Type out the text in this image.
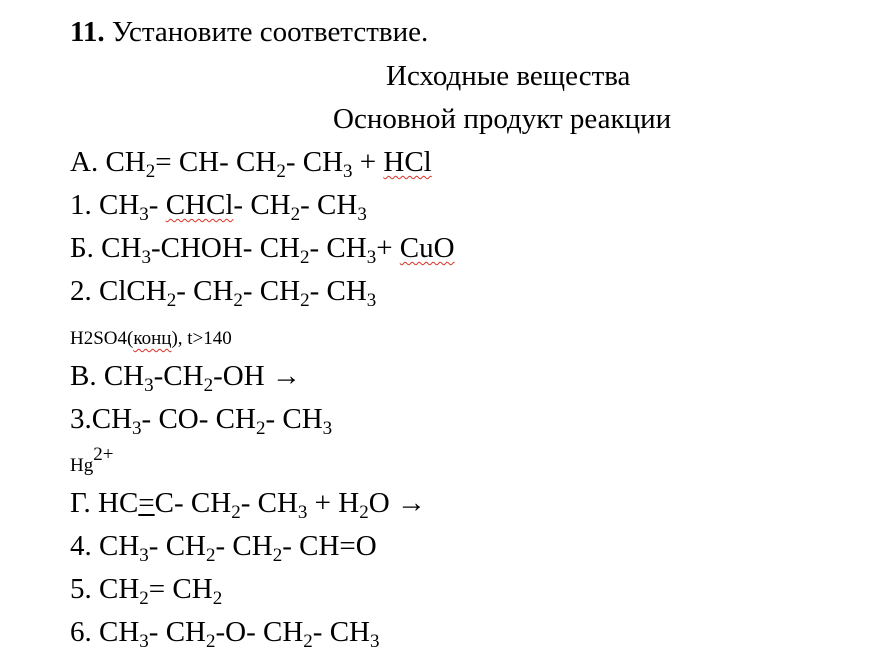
11. Установите соответствие.
Исходные вещества
Основной продукт реакции
А. $CH_2= CH-$ $CH_2-$ $CH_3$ + HCl
1. $CH_3-$ CHCl- $CH_2-$ $CH_3$
Б. $CH_3-CHOH-$ $CH_2-$ $CH_3+$ CuO
2. ClCH$_2$- $CH_2-$ $CH_2-$ $CH_3$
H2SO4(конц), t>140
В. $CH_3-CH_2-OH$ →
$3.CH_3-$ CO- $CH_2-$ $CH_3$
$Hg^{2+}$
Г. HC=C- $CH_2-$ $CH_3 + H_2O$ →
4. $CH_3-$ $CH_2-$ $CH_2-$ CH=O
5. $CH_2= CH_2$
6. $CH_3-$ $CH_2-O-$ $CH_2-$ $CH_3$
